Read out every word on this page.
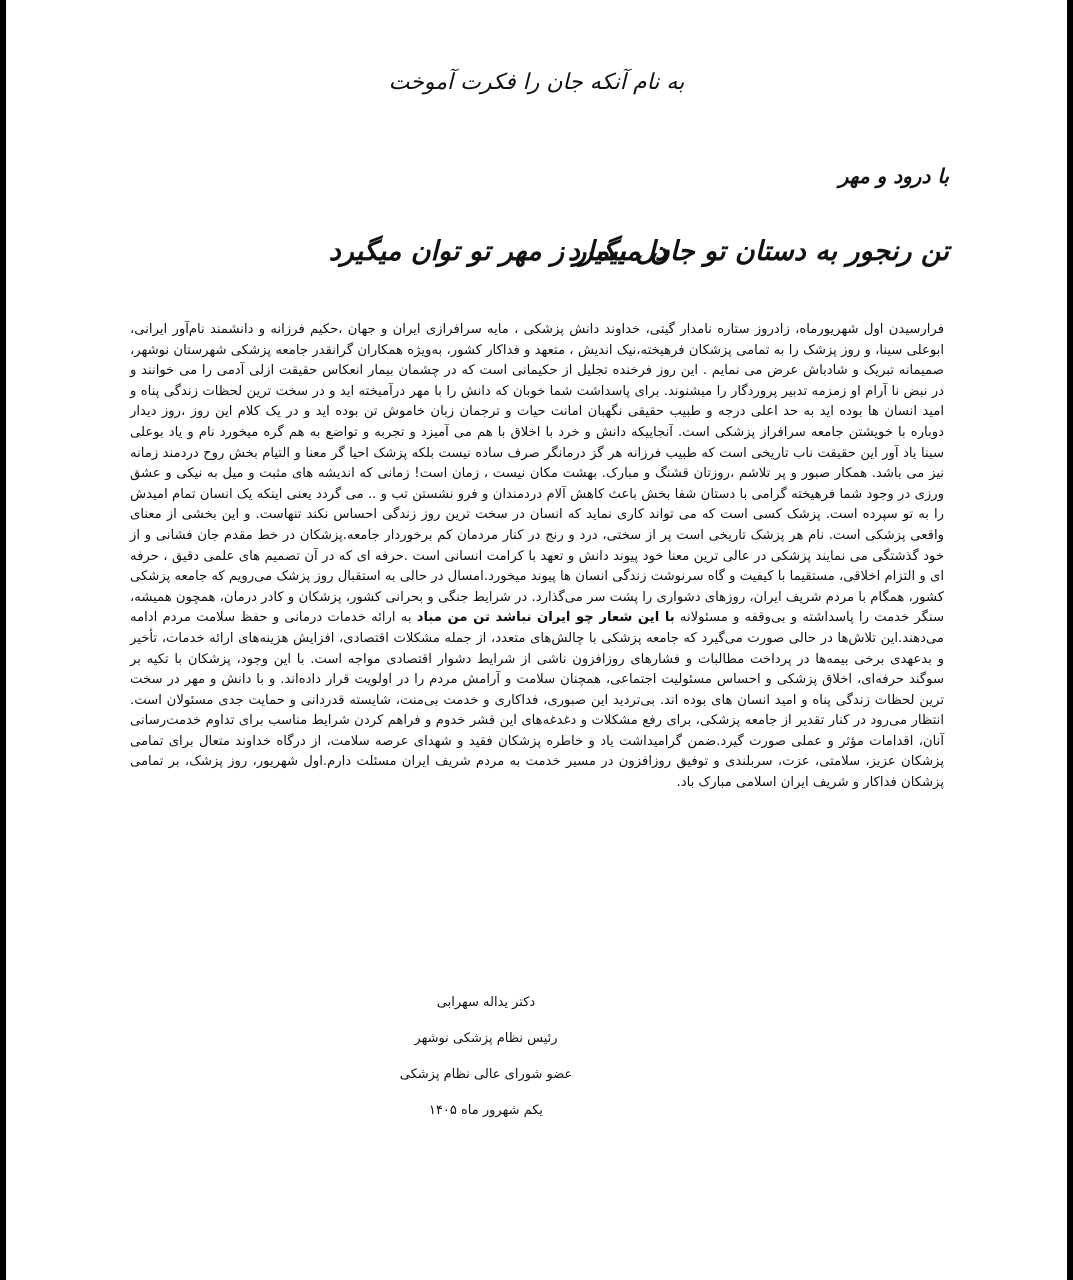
به نام آنکه جان را فکرت آموخت
با درود و مهر
تن رنجور به دستان تو جان میگیرد
دل بیمار ز مهر تو توان میگیرد
فرارسیدن اول شهریورماه، زادروز ستاره نامدار گیتی، خداوند دانش پزشکی ، مایه سرافرازی ایران و جهان ،حکیم فرزانه و دانشمند نام‌آور ایرانی، ابوعلی سینا، و روز پزشک را به تمامی پزشکان فرهیخته،نیک اندیش ، متعهد و فداکار کشور، به‌ویژه همکاران گرانقدر جامعه پزشکی شهرستان نوشهر، صمیمانه تبریک و شادباش عرض می نمایم . این روز فرخنده تجلیل از حکیمانی است که در چشمان بیمار انعکاس حقیقت ازلی آدمی را می خوانند و در نبض نا آرام او زمزمه تدبیر پروردگار را میشنوند. برای پاسداشت شما خوبان که دانش را با مهر درآمیخته اید و در سخت ترین لحظات زندگی پناه و امید انسان ها بوده اید به حد اعلی درجه و طبیب حقیقی نگهبان امانت حیات و ترجمان زبان خاموش تن بوده اید و در یک کلام این روز ،روز دیدار دوباره با خویشتن جامعه سرافراز پزشکی است. آنجاییکه دانش و خرد با اخلاق با هم می آمیزد و تجربه و تواضع به هم گره میخورد نام و یاد بوعلی سینا یاد آور این حقیقت ناب تاریخی است که طبیب فرزانه هر گز درمانگر صرف ساده نیست بلکه پزشک احیا گر معنا و التیام بخش روح دردمند زمانه نیز می باشد. همکار صبور و پر تلاشم ،روزتان قشنگ و مبارک. بهشت مکان نیست ، زمان است! زمانی که اندیشه های مثبت و میل به نیکی و عشق ورزی در وجود شما فرهیخته گرامی با دستان شفا بخش باعث کاهش آلام دردمندان و فرو نشستن تب و .. می گردد یعنی اینکه یک انسان تمام امیدش را به تو سپرده است. پزشک کسی است که می تواند کاری نماید که انسان در سخت ترین روز زندگی احساس نکند تنهاست. و این بخشی از معنای واقعی پزشکی است. نام هر پزشک تاریخی است پر از سختی، درد و رنج در کنار مردمان کم برخوردار جامعه.پزشکان در خط مقدم جان فشانی و از خود گذشتگی می نمایند پزشکی در عالی ترین معنا خود پیوند دانش و تعهد با کرامت انسانی است .حرفه ای که در آن تصمیم های علمی دقیق ، حرفه ای و التزام اخلاقی، مستقیما با کیفیت و گاه سرنوشت زندگی انسان ها پیوند میخورد.امسال در حالی به استقبال روز پزشک می‌رویم که جامعه پزشکی کشور، همگام با مردم شریف ایران، روزهای دشواری را پشت سر می‌گذارد. در شرایط جنگی و بحرانی کشور، پزشکان و کادر درمان، همچون همیشه، سنگر خدمت را پاسداشته و بی‌وقفه و مسئولانه با این شعار چو ایران نباشد تن من مباد به ارائه خدمات درمانی و حفظ سلامت مردم ادامه می‌دهند.این تلاش‌ها در حالی صورت می‌گیرد که جامعه پزشکی با چالش‌های متعدد، از جمله مشکلات اقتصادی، افزایش هزینه‌های ارائه خدمات، تأخیر و بدعهدی برخی بیمه‌ها در پرداخت مطالبات و فشارهای روزافزون ناشی از شرایط دشوار اقتصادی مواجه است. با این وجود، پزشکان با تکیه بر سوگند حرفه‌ای، اخلاق پزشکی و احساس مسئولیت اجتماعی، همچنان سلامت و آرامش مردم را در اولویت قرار داده‌اند. و با دانش و مهر در سخت ترین لحظات زندگی پناه و امید انسان های بوده اند. بی‌تردید این صبوری، فداکاری و خدمت بی‌منت، شایسته قدردانی و حمایت جدی مسئولان است. انتظار می‌رود در کنار تقدیر از جامعه پزشکی، برای رفع مشکلات و دغدغه‌های این قشر خدوم و فراهم کردن شرایط مناسب برای تداوم خدمت‌رسانی آنان، اقدامات مؤثر و عملی صورت گیرد.ضمن گرامیداشت یاد و خاطره پزشکان فقید و شهدای عرصه سلامت، از درگاه خداوند متعال برای تمامی پزشکان عزیز، سلامتی، عزت، سربلندی و توفیق روزافزون در مسیر خدمت به مردم شریف ایران مسئلت دارم.اول شهریور، روز پزشک، بر تمامی پزشکان فداکار و شریف ایران اسلامی مبارک باد.
دکتر یداله سهرابی
رئیس نظام پزشکی نوشهر
عضو شورای عالی نظام پزشکی
یکم شهرور ماه ۱۴۰۵
